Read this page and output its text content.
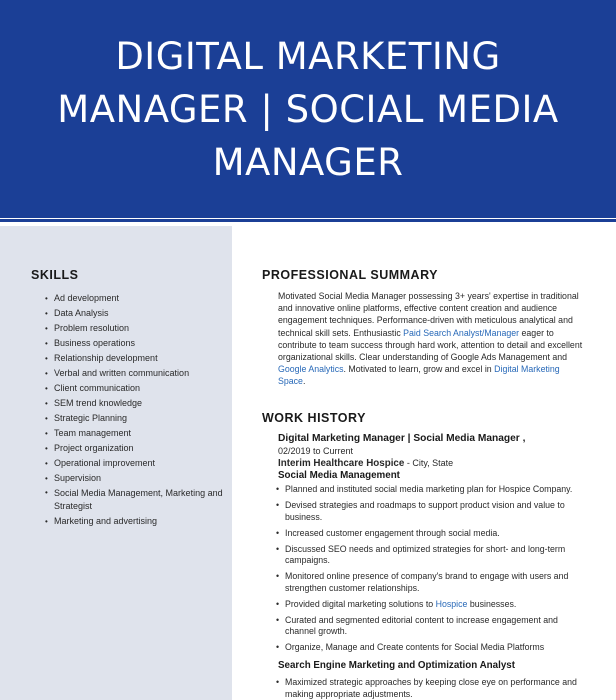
DIGITAL MARKETING
MANAGER | SOCIAL MEDIA
MANAGER
SKILLS
• Ad development
• Data Analysis
• Problem resolution
• Business operations
• Relationship development
• Verbal and written communication
• Client communication
• SEM trend knowledge
• Strategic Planning
• Team management
• Project organization
• Operational improvement
• Supervision
• Social Media Management, Marketing and Strategist
• Marketing and advertising
PROFESSIONAL SUMMARY

Motivated Social Media Manager possessing 3+ years' expertise in traditional and innovative online platforms, effective content creation and audience engagement techniques. Performance-driven with meticulous analytical and technical skill sets. Enthusiastic Paid Search Analyst/Manager eager to contribute to team success through hard work, attention to detail and excellent organizational skills. Clear understanding of Google Ads Management and Google Analytics. Motivated to learn, grow and excel in Digital Marketing Space.

WORK HISTORY
Digital Marketing Manager | Social Media Manager ,
02/2019 to Current
Interim Healthcare Hospice - City, State
Social Media Management
• Planned and instituted social media marketing plan for Hospice Company.
• Devised strategies and roadmaps to support product vision and value to business.
• Increased customer engagement through social media.
• Discussed SEO needs and optimized strategies for short- and long-term campaigns.
• Monitored online presence of company's brand to engage with users and strengthen customer relationships.
• Provided digital marketing solutions to Hospice businesses.
• Curated and segmented editorial content to increase engagement and channel growth.
• Organize, Manage and Create contents for Social Media Platforms
Search Engine Marketing and Optimization Analyst
• Maximized strategic approaches by keeping close eye on performance and making appropriate adjustments.
